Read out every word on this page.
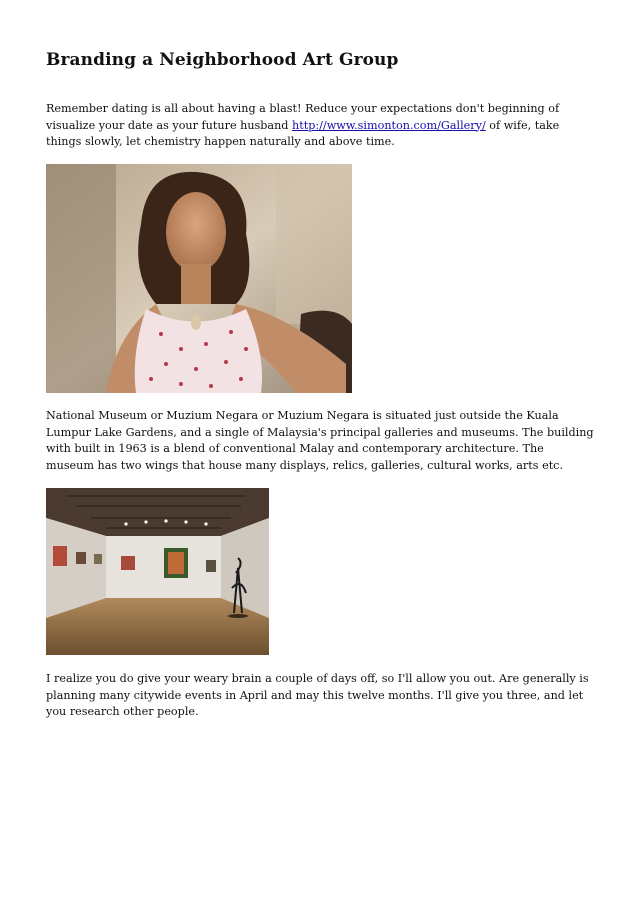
Branding a Neighborhood Art Group

Remember dating is all about having a blast! Reduce your expectations don't beginning of visualize your date as your future husband http://www.simonton.com/Gallery/ of wife, take things slowly, let chemistry happen naturally and above time.

National Museum or Muzium Negara or Muzium Negara is situated just outside the Kuala Lumpur Lake Gardens, and a single of Malaysia's principal galleries and museums. The building with built in 1963 is a blend of conventional Malay and contemporary architecture. The museum has two wings that house many displays, relics, galleries, cultural works, arts etc.

I realize you do give your weary brain a couple of days off, so I'll allow you out. Are generally is planning many citywide events in April and may this twelve months. I'll give you three, and let you research other people.
